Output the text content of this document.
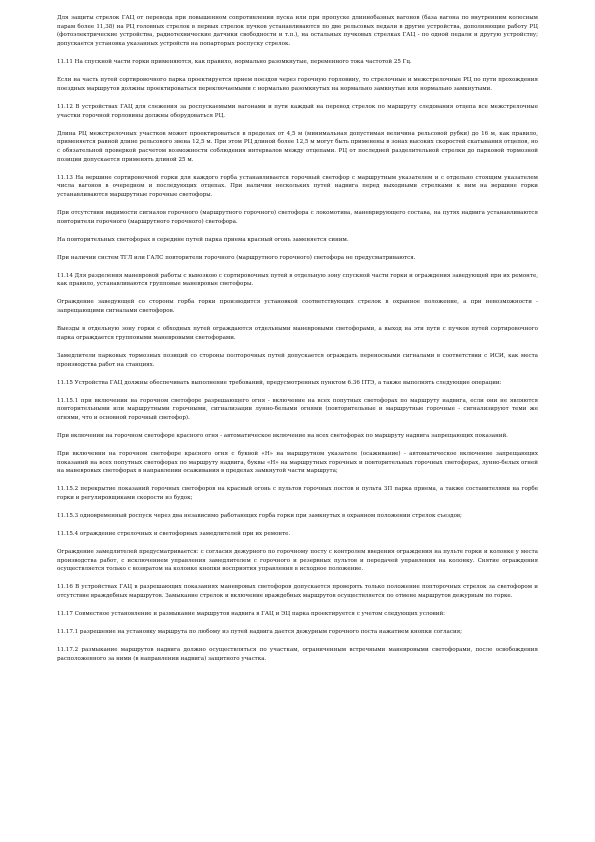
Для защиты стрелок ГАЦ от перевода при повышенном сопротивлении пуcка или при пропуске длиннобазных вагонов (база вагона по внутренним колесным парам более 11,38) на РЦ головных стрелок в первых стрелок пучков устанавливаются по две рельсовых педали в другие устройства, дополняющие работу РЦ (фотоэлектрические устройства, радиотехнические датчики свободности и т.п.), на остальных пучковых стрелках ГАЦ - по одной педали и другую устройству; допускается установка указанных устройств на попарторых роспуску стрелок.

11.11 На спускной части горки применяются, как правило, нормально разомкнутые, переменного тока частотой 25 Гц.

Если на часть путей сортировочного парка проектируется прием поездов через горочную горловину, то стрелочные и межстрелочные РЦ по пути прохождения поездных маршрутов должны проектироваться переключаемыми с нормально разомкнутых на нормально замкнутые или нормально замкнутыми.

11.12 В устройствах ГАЦ для слежения за роспускаемыми вагонами и пути каждый на перевод стрелок по маршруту следования отцепа все межстрелочные участки горочной горловины должны оборудоваться РЦ.

Длина РЦ межстрелочных участков может проектироваться в пределах от 4,5 м (минимальная допустимая величина рельсовой рубки) до 16 м, как правило, применяется равной длине рельсового звена 12,5 м. При этом РЦ длиной более 12,5 м могут быть применены в зонах высоких скоростей скатывания отцепов, но с обязательной проверкой расчетом возможности соблюдения интервалов между отцепами. РЦ от последней разделительной стрелки до парковой тормозной позиции допускается применять длиной 25 м.

11.13 На вершине сортировочной горки для каждого горба устанавливается горочный светофор с маршрутным указателем и с отдельно стоящим указателем числа вагонов в очередном и последующих отцепах. При наличии нескольких путей надвига перед выходными стрелками к ним на вершине горки устанавливаются маршрутные горочные светофоры.

При отсутствии видимости сигналов горочного (маршрутного горочного) светофора с локомотива, маневрирующего состава, на путях надвига устанавливаются повторители горочного (маршрутного горочного) светофора.

На повторительных светофорах в середине путей парка приема красный огонь заменяется синим.

При наличии систем ТГЛ или ГАЛС повторители горочного (маршрутного горочного) светофора не предусматриваются.

11.14 Для разделения маневровой работы с вывозкою с сортировочных путей в отдельную зону спускной части горки и ограждения заведующей при их ремонте, как правило, устанавливаются групповые маневровые светофоры.

Ограждение заведующей со стороны горба горки производится установкой соответствующих стрелок в охранное положение, а при невозможности - запрещающими сигналами светофоров.

Выезды в отдельную зону горки с обходных путей ограждаются отдельными маневровыми светофорами, а выход на эти пути с пучков путей сортировочного парка ограждается групповыми маневровыми светофорами.

Замедлители парковых тормозных позиций со стороны полторочных путей допускается ограждать переносными сигналами в соответствии с ИСИ, как места производства работ на станциях.

11.15 Устройства ГАЦ должны обеспечивать выполнение требований, предусмотренных пунктом 6.36 ПТЭ, а также выполнять следующие операции:

11.15.1 при включении на горочном светофоре разрешающего огня - включение на всех попутных светофорах по маршруту надвига, если они не являются повторительными или маршрутными горочными, сигнализации лунно-белыми огнями (повторительные и маршрутные горочные - сигнализируют теми же огнями, что и основной горочный светофор).

При включении на горочном светофоре красного огня - автоматическое включение на всех светофорах по маршруту надвига запрещающих показаний.

При включении на горочном светофоре красного огня с буквой «Н» на маршрутном указателе (осаживание) - автоматическое включение запрещающих показаний на всех попутных светофорах по маршруту надвига, буквы «Н» на маршрутных горочных и повторительных горочных светофорах, лунно-белых огней на маневровых светофорах в направлении осаживания в пределах замкнутой части маршрута;

11.15.2 перекрытие показаний горочных светофоров на красный огонь с пультов горочных постов и пульта ЗП парка приема, а также составителями на горбе горки и регулировщиками скорости из будок;

11.15.3 одновременный роспуск через два независимо работающих горба горки при замкнутых в охранном положении стрелок съездов;

11.15.4 ограждение стрелочных и светофорных замедлителей при их ремонте.

Ограждение замедлителей предусматривается: с согласия дежурного по горочному посту с контролем введения ограждения на пульте горки и колонке у места производства работ, с исключением управления замедлителем с горочного и резервных пультов и передачей управления на колонку. Снятие ограждения осуществляется только с возвратом на колонке кнопки восприятия управления в исходное положение.

11.16 В устройствах ГАЦ в разрешающих показаниях маневровых светофоров допускается проверять только положение попторочных стрелок за светофором и отсутствие враждебных маршрутов. Замыкание стрелок и включение враждебных маршрутов осуществляется по отмене маршрутов дежурным по горке.

11.17 Совместное установление и размыкание маршрутов надвига в ГАЦ и ЭЦ парка проектируется с учетом следующих условий:

11.17.1 разрешение на установку маршрута по любому из путей надвига дается дежурным горочного поста нажатием кнопки согласия;

11.17.2 размыкание маршрутов надвига должно осуществляться по участкам, ограниченным встречными маневровыми светофорами, после освобождения расположенного за ними (в направлении надвига) защитного участка.
